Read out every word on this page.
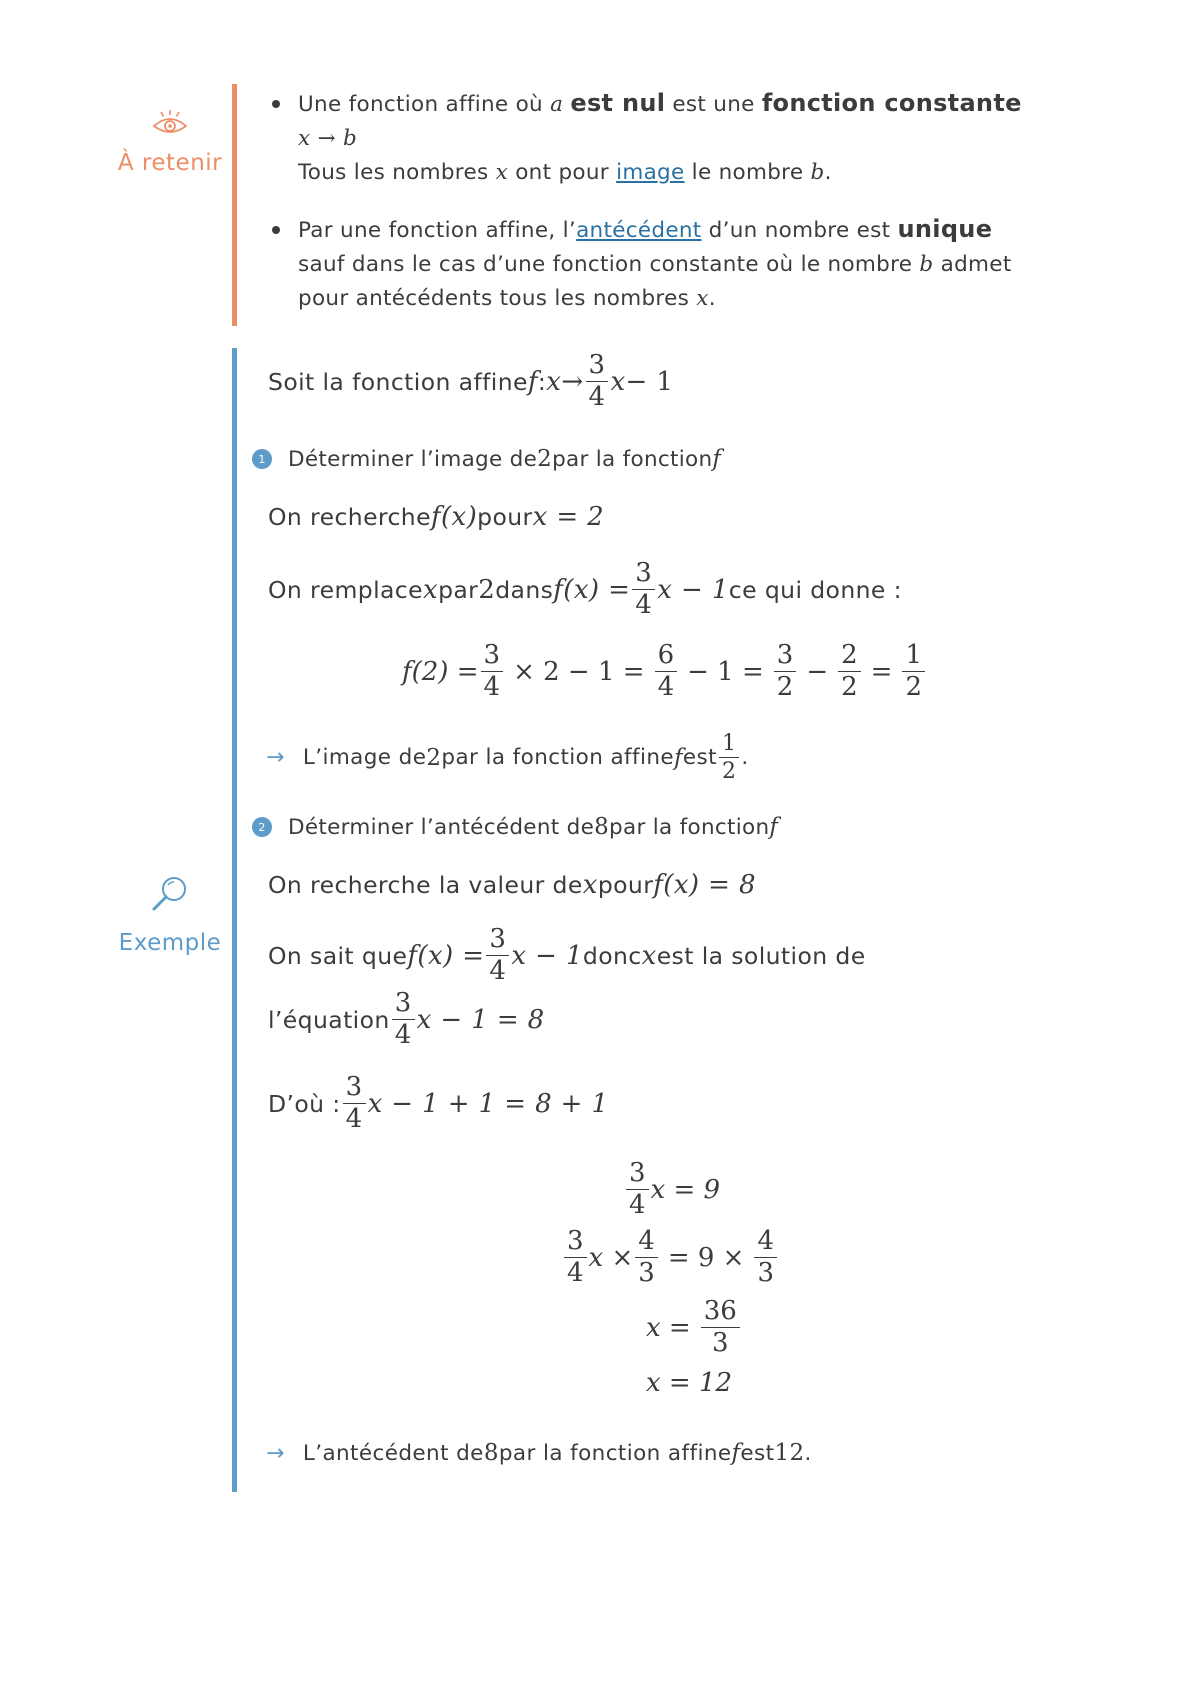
À retenir
Une fonction affine où a est nul est une fonction constante
x → b
Tous les nombres x ont pour image le nombre b.
Par une fonction affine, l’antécédent d’un nombre est unique
sauf dans le cas d’une fonction constante où le nombre b admet
pour antécédents tous les nombres x.
Exemple
Soit la fonction affine f : $x \to \frac{3}{4}$ x − 1
1 Déterminer l’image de 2 par la fonction f
On recherche f(x) pour x = 2
On remplace x par 2 dans $f(x) = \frac{3}{4}$ x − 1 ce qui donne :
$f(2) = \frac{3}{4} \times 2 - 1 = \frac{6}{4} - 1 = \frac{3}{2} - \frac{2}{2} = \frac{1}{2}$
→ L’image de 2 par la fonction affine f est $\frac{1}{2}$ .
2 Déterminer l’antécédent de 8 par la fonction f
On recherche la valeur de x pour f(x) = 8
On sait que $f(x) = \frac{3}{4}$ x − 1 donc x est la solution de
l’équation $\frac{3}{4}$ x − 1 = 8
D’où : $\frac{3}{4}$ x − 1 + 1 = 8 + 1
$\frac{3}{4}$ x = 9
$\frac{3}{4}$ $x \times \frac{4}{3} = 9 \times \frac{4}{3}$
$x = \frac{36}{3}$
x = 12
→ L’antécédent de 8 par la fonction affine f est 12 .
